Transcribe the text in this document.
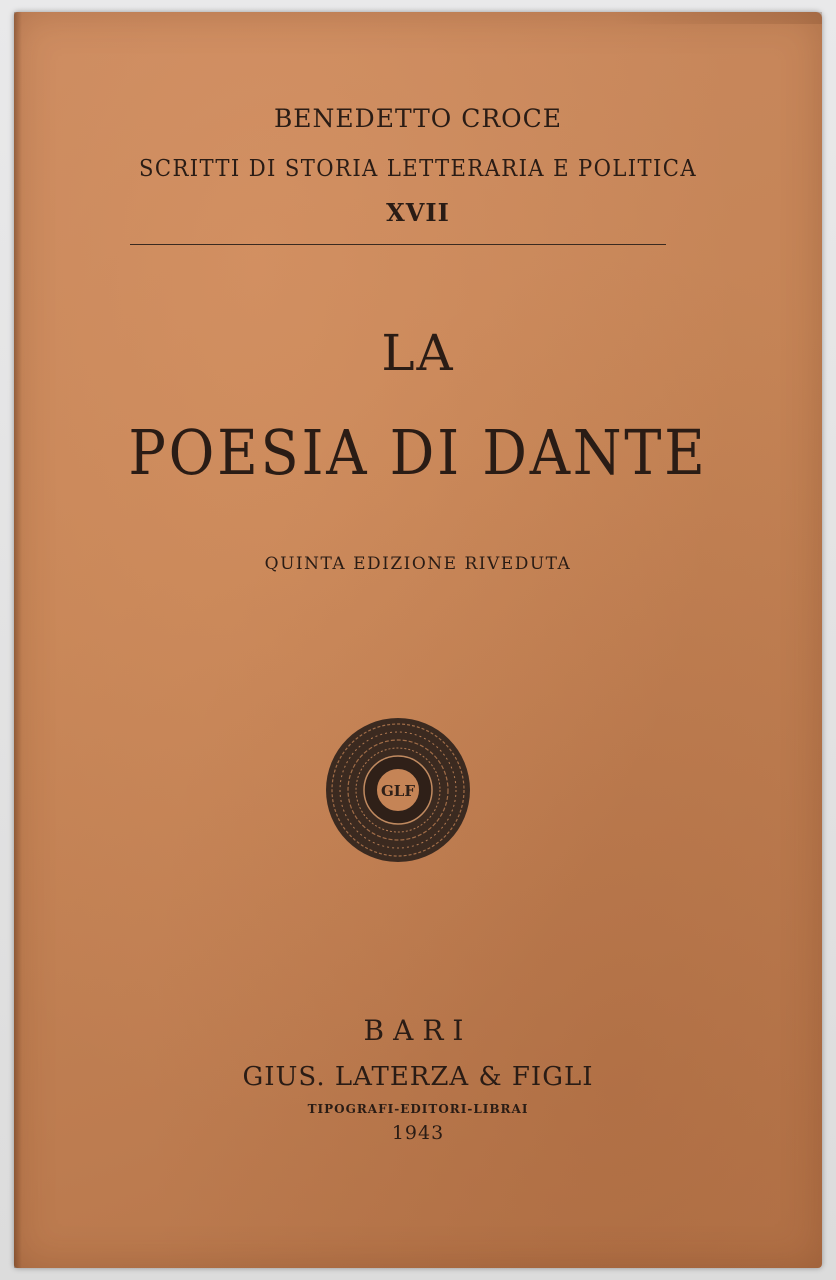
BENEDETTO CROCE
SCRITTI DI STORIA LETTERARIA E POLITICA
XVII
LA
POESIA DI DANTE
QUINTA EDIZIONE RIVEDUTA
GLF
BARI
GIUS. LATERZA & FIGLI
TIPOGRAFI-EDITORI-LIBRAI
1943
